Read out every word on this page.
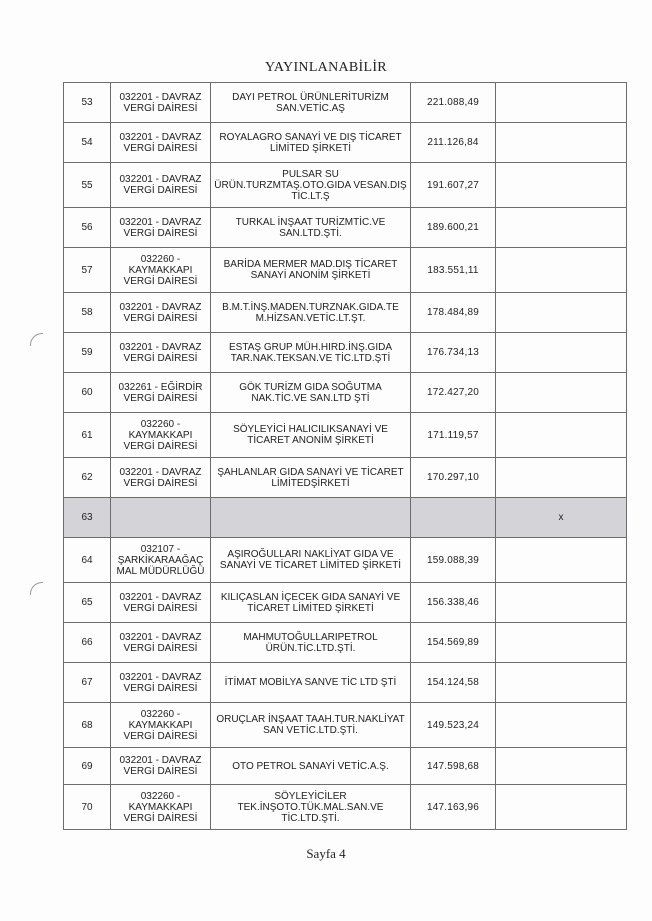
YAYINLANABİLİR
53	032201 - DAVRAZ VERGİ DAİRESİ	DAYI PETROL ÜRÜNLERİTURİZM SAN.VETİC.AŞ	221.088,49	
54	032201 - DAVRAZ VERGİ DAİRESİ	ROYALAGRO SANAYİ VE DIŞ TİCARET LİMİTED ŞİRKETİ	211.126,84	
55	032201 - DAVRAZ VERGİ DAİRESİ	PULSAR SU ÜRÜN.TURZMTAŞ.OTO.GIDA VESAN.DIŞ TİC.LT.Ş	191.607,27	
56	032201 - DAVRAZ VERGİ DAİRESİ	TURKAL İNŞAAT TURİZMTİC.VE SAN.LTD.ŞTİ.	189.600,21	
57	032260 - KAYMAKKAPI VERGİ DAİRESİ	BARİDA MERMER MAD.DIŞ TİCARET SANAYİ ANONİM ŞİRKETİ	183.551,11	
58	032201 - DAVRAZ VERGİ DAİRESİ	B.M.T.İNŞ.MADEN.TURZNAK.GIDA.TE M.HİZSAN.VETİC.LT.ŞT.	178.484,89	
59	032201 - DAVRAZ VERGİ DAİRESİ	ESTAŞ GRUP MÜH.HIRD.İNŞ.GIDA TAR.NAK.TEKSAN.VE TİC.LTD.ŞTİ	176.734,13	
60	032261 - EĞİRDİR VERGİ DAİRESİ	GÖK TURİZM GIDA SOĞUTMA NAK.TİC.VE SAN.LTD ŞTİ	172.427,20	
61	032260 - KAYMAKKAPI VERGİ DAİRESİ	SÖYLEYİCİ HALICILIKSANAYİ VE TİCARET ANONİM ŞİRKETİ	171.119,57	
62	032201 - DAVRAZ VERGİ DAİRESİ	ŞAHLANLAR GIDA SANAYİ VE TİCARET LİMİTEDŞİRKETİ	170.297,10	
63				x
64	032107 - ŞARKİKARAAĞAÇ MAL MÜDÜRLÜĞÜ	AŞIROĞULLARI NAKLİYAT GIDA VE SANAYİ VE TİCARET LİMİTED ŞİRKETİ	159.088,39	
65	032201 - DAVRAZ VERGİ DAİRESİ	KILIÇASLAN İÇECEK GIDA SANAYİ VE TİCARET LİMİTED ŞİRKETİ	156.338,46	
66	032201 - DAVRAZ VERGİ DAİRESİ	MAHMUTOĞULLARIPETROL ÜRÜN.TİC.LTD.ŞTİ.	154.569,89	
67	032201 - DAVRAZ VERGİ DAİRESİ	İTİMAT MOBİLYA SANVE TİC LTD ŞTİ	154.124,58	
68	032260 - KAYMAKKAPI VERGİ DAİRESİ	ORUÇLAR İNŞAAT TAAH.TUR.NAKLİYAT SAN VETİC.LTD.ŞTİ.	149.523,24	
69	032201 - DAVRAZ VERGİ DAİRESİ	OTO PETROL SANAYİ VETİC.A.Ş.	147.598,68	
70	032260 - KAYMAKKAPI VERGİ DAİRESİ	SÖYLEYİCİLER TEK.İNŞOTO.TÜK.MAL.SAN.VE TİC.LTD.ŞTİ.	147.163,96	
Sayfa 4
